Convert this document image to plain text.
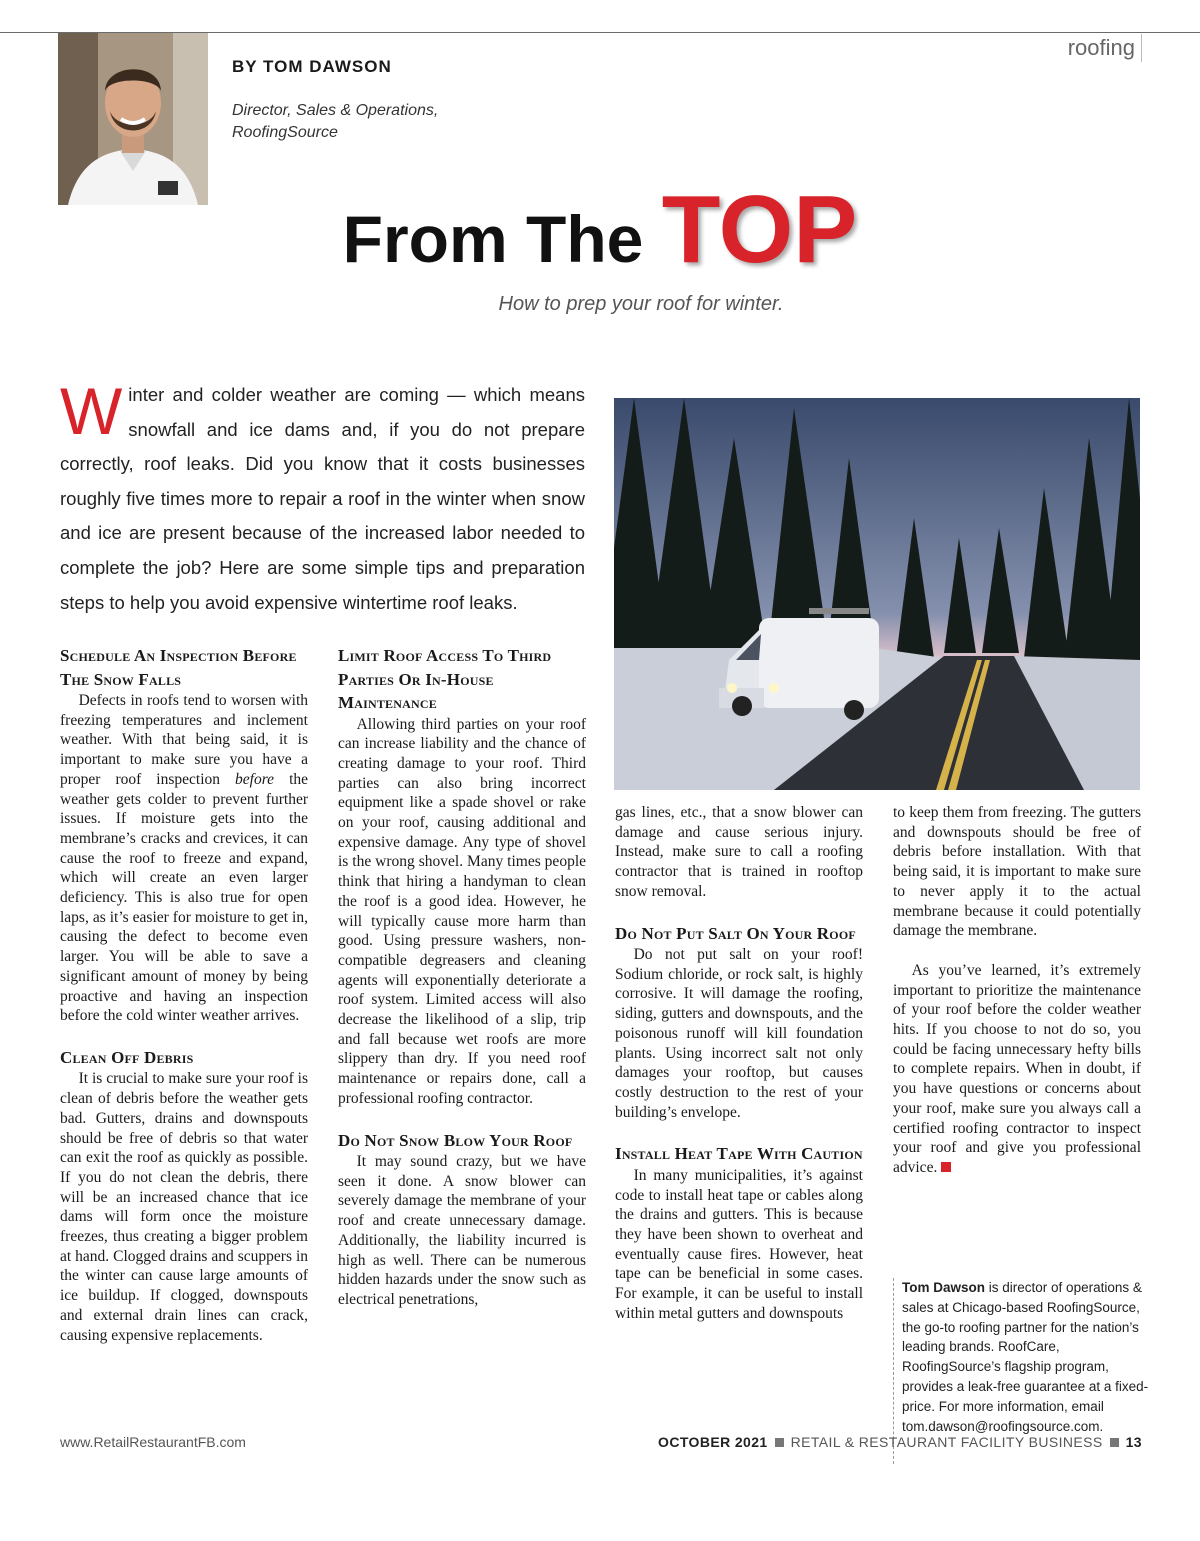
roofing
BY TOM DAWSON
Director, Sales & Operations,
RoofingSource
From The TOP
How to prep your roof for winter.
Winter and colder weather are coming — which means snowfall and ice dams and, if you do not prepare correctly, roof leaks. Did you know that it costs businesses roughly five times more to repair a roof in the winter when snow and ice are present because of the increased labor needed to complete the job? Here are some simple tips and preparation steps to help you avoid expensive wintertime roof leaks.
Schedule An Inspection Before The Snow Falls

Defects in roofs tend to worsen with freezing temperatures and inclement weather. With that being said, it is important to make sure you have a proper roof inspection before the weather gets colder to prevent further issues. If moisture gets into the membrane’s cracks and crevices, it can cause the roof to freeze and expand, which will create an even larger deficiency. This is also true for open laps, as it’s easier for moisture to get in, causing the defect to become even larger. You will be able to save a significant amount of money by being proactive and having an inspection before the cold winter weather arrives.

Clean Off Debris

It is crucial to make sure your roof is clean of debris before the weather gets bad. Gutters, drains and downspouts should be free of debris so that water can exit the roof as quickly as possible. If you do not clean the debris, there will be an increased chance that ice dams will form once the moisture freezes, thus creating a bigger problem at hand. Clogged drains and scuppers in the winter can cause large amounts of ice buildup. If clogged, downspouts and external drain lines can crack, causing expensive replacements.

Limit Roof Access To Third Parties Or In-House Maintenance

Allowing third parties on your roof can increase liability and the chance of creating damage to your roof. Third parties can also bring incorrect equipment like a spade shovel or rake on your roof, causing additional and expensive damage. Any type of shovel is the wrong shovel. Many times people think that hiring a handyman to clean the roof is a good idea. However, he will typically cause more harm than good. Using pressure washers, non-compatible degreasers and cleaning agents will exponentially deteriorate a roof system. Limited access will also decrease the likelihood of a slip, trip and fall because wet roofs are more slippery than dry. If you need roof maintenance or repairs done, call a professional roofing contractor.

Do Not Snow Blow Your Roof

It may sound crazy, but we have seen it done. A snow blower can severely damage the membrane of your roof and create unnecessary damage. Additionally, the liability incurred is high as well. There can be numerous hidden hazards under the snow such as electrical penetrations,

gas lines, etc., that a snow blower can damage and cause serious injury. Instead, make sure to call a roofing contractor that is trained in rooftop snow removal.

Do Not Put Salt On Your Roof

Do not put salt on your roof! Sodium chloride, or rock salt, is highly corrosive. It will damage the roofing, siding, gutters and downspouts, and the poisonous runoff will kill foundation plants. Using incorrect salt not only damages your rooftop, but causes costly destruction to the rest of your building’s envelope.

Install Heat Tape With Caution

In many municipalities, it’s against code to install heat tape or cables along the drains and gutters. This is because they have been shown to overheat and eventually cause fires. However, heat tape can be beneficial in some cases. For example, it can be useful to install within metal gutters and downspouts

to keep them from freezing. The gutters and downspouts should be free of debris before installation. With that being said, it is important to make sure to never apply it to the actual membrane because it could potentially damage the membrane.

As you’ve learned, it’s extremely important to prioritize the maintenance of your roof before the colder weather hits. If you choose to not do so, you could be facing unnecessary hefty bills to complete repairs. When in doubt, if you have questions or concerns about your roof, make sure you always call a certified roofing contractor to inspect your roof and give you professional advice.

Tom Dawson is director of operations & sales at Chicago-based RoofingSource, the go-to roofing partner for the nation’s leading brands. RoofCare, RoofingSource’s flagship program, provides a leak-free guarantee at a fixed-price. For more information, email tom.dawson@roofingsource.com.
www.RetailRestaurantFB.com	OCTOBER 2021 RETAIL & RESTAURANT FACILITY BUSINESS 13
